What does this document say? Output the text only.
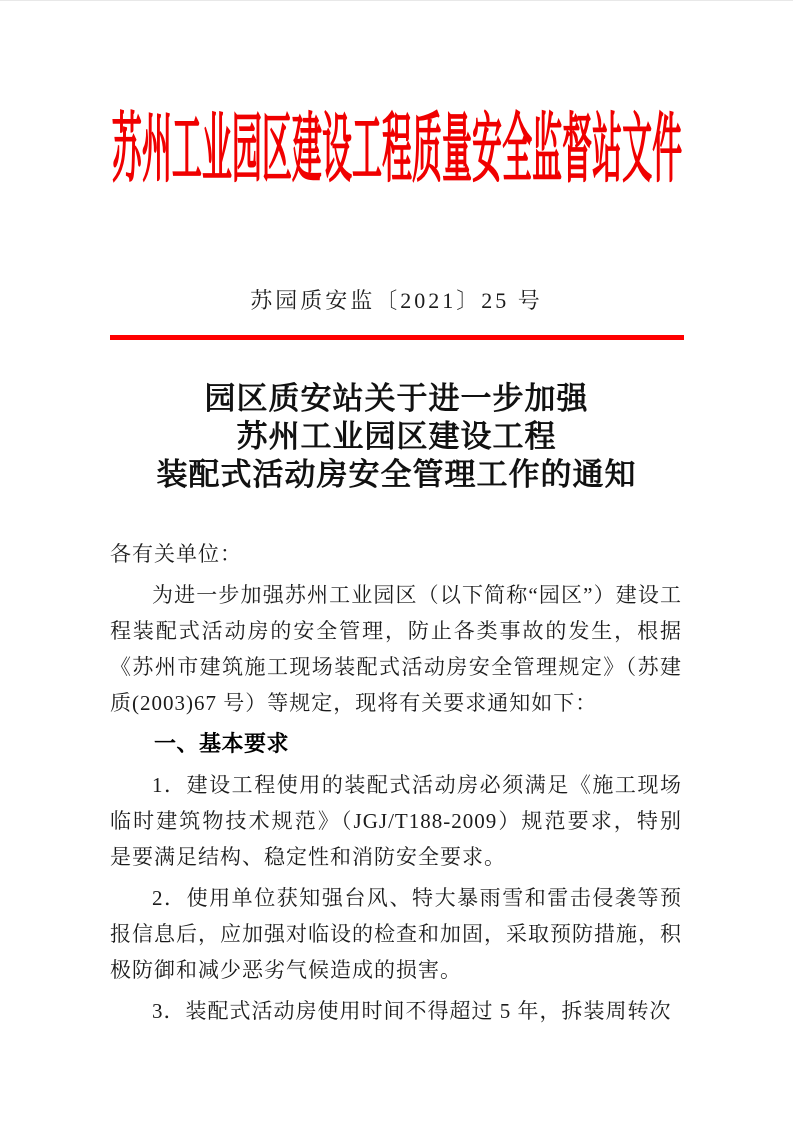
苏州工业园区建设工程质量安全监督站文件
苏园质安监〔2021〕25 号
园区质安站关于进一步加强
苏州工业园区建设工程
装配式活动房安全管理工作的通知

各有关单位：

为进一步加强苏州工业园区（以下简称“园区”）建设工程装配式活动房的安全管理，防止各类事故的发生，根据《苏州市建筑施工现场装配式活动房安全管理规定》（苏建质(2003)67 号）等规定，现将有关要求通知如下：

一、基本要求

1．建设工程使用的装配式活动房必须满足《施工现场临时建筑物技术规范》（JGJ/T188-2009）规范要求，特别是要满足结构、稳定性和消防安全要求。

2．使用单位获知强台风、特大暴雨雪和雷击侵袭等预报信息后，应加强对临设的检查和加固，采取预防措施，积极防御和减少恶劣气候造成的损害。

3．装配式活动房使用时间不得超过 5 年，拆装周转次
